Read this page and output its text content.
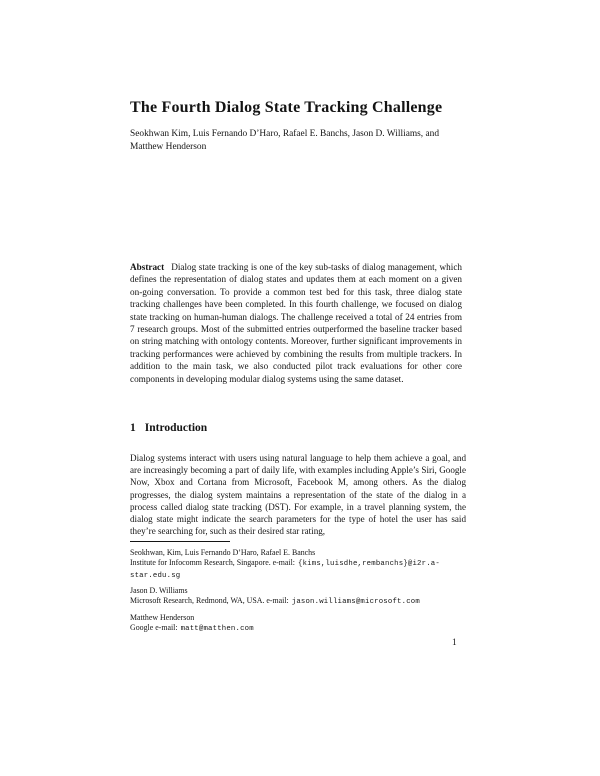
The Fourth Dialog State Tracking Challenge
Seokhwan Kim, Luis Fernando D’Haro, Rafael E. Banchs, Jason D. Williams, and Matthew Henderson
Abstract Dialog state tracking is one of the key sub-tasks of dialog management, which defines the representation of dialog states and updates them at each moment on a given on-going conversation. To provide a common test bed for this task, three dialog state tracking challenges have been completed. In this fourth challenge, we focused on dialog state tracking on human-human dialogs. The challenge received a total of 24 entries from 7 research groups. Most of the submitted entries outperformed the baseline tracker based on string matching with ontology contents. Moreover, further significant improvements in tracking performances were achieved by combining the results from multiple trackers. In addition to the main task, we also conducted pilot track evaluations for other core components in developing modular dialog systems using the same dataset.
1 Introduction
Dialog systems interact with users using natural language to help them achieve a goal, and are increasingly becoming a part of daily life, with examples including Apple’s Siri, Google Now, Xbox and Cortana from Microsoft, Facebook M, among others. As the dialog progresses, the dialog system maintains a representation of the state of the dialog in a process called dialog state tracking (DST). For example, in a travel planning system, the dialog state might indicate the search parameters for the type of hotel the user has said they’re searching for, such as their desired star rating,
Seokhwan, Kim, Luis Fernando D’Haro, Rafael E. Banchs
Institute for Infocomm Research, Singapore. e-mail: {kims,luisdhe,rembanchs}@i2r.a-star.edu.sg
Jason D. Williams
Microsoft Research, Redmond, WA, USA. e-mail: jason.williams@microsoft.com
Matthew Henderson
Google e-mail: matt@matthen.com
1
